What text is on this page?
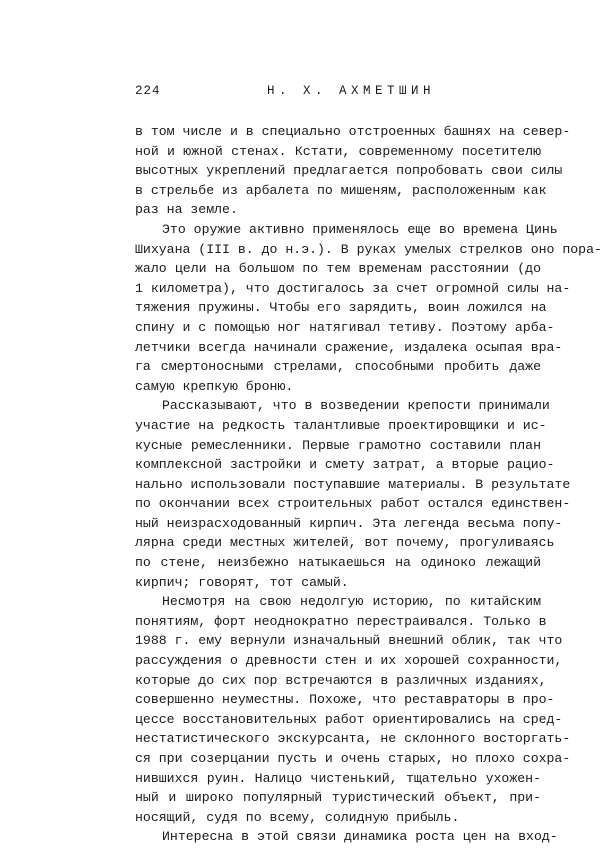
224	Н. Х. АХМЕТШИН
в том числе и в специально отстроенных башнях на север-
ной и южной стенах. Кстати, современному посетителю
высотных укреплений предлагается попробовать свои силы
в стрельбе из арбалета по мишеням, расположенным как
раз на земле.
Это оружие активно применялось еще во времена Цинь
Шихуана (III в. до н.э.). В руках умелых стрелков оно пора-
жало цели на большом по тем временам расстоянии (до
1 километра), что достигалось за счет огромной силы на-
тяжения пружины. Чтобы его зарядить, воин ложился на
спину и с помощью ног натягивал тетиву. Поэтому арба-
летчики всегда начинали сражение, издалека осыпая вра-
га смертоносными стрелами, способными пробить даже
самую крепкую броню.
Рассказывают, что в возведении крепости принимали
участие на редкость талантливые проектировщики и ис-
кусные ремесленники. Первые грамотно составили план
комплексной застройки и смету затрат, а вторые рацио-
нально использовали поступавшие материалы. В результате
по окончании всех строительных работ остался единствен-
ный неизрасходованный кирпич. Эта легенда весьма попу-
лярна среди местных жителей, вот почему, прогуливаясь
по стене, неизбежно натыкаешься на одиноко лежащий
кирпич; говорят, тот самый.
Несмотря на свою недолгую историю, по китайским
понятиям, форт неоднократно перестраивался. Только в
1988 г. ему вернули изначальный внешний облик, так что
рассуждения о древности стен и их хорошей сохранности,
которые до сих пор встречаются в различных изданиях,
совершенно неуместны. Похоже, что реставраторы в про-
цессе восстановительных работ ориентировались на сред-
нестатистического экскурсанта, не склонного восторгать-
ся при созерцании пусть и очень старых, но плохо сохра-
нившихся руин. Налицо чистенький, тщательно ухожен-
ный и широко популярный туристический объект, при-
носящий, судя по всему, солидную прибыль.
Интересна в этой связи динамика роста цен на вход-
